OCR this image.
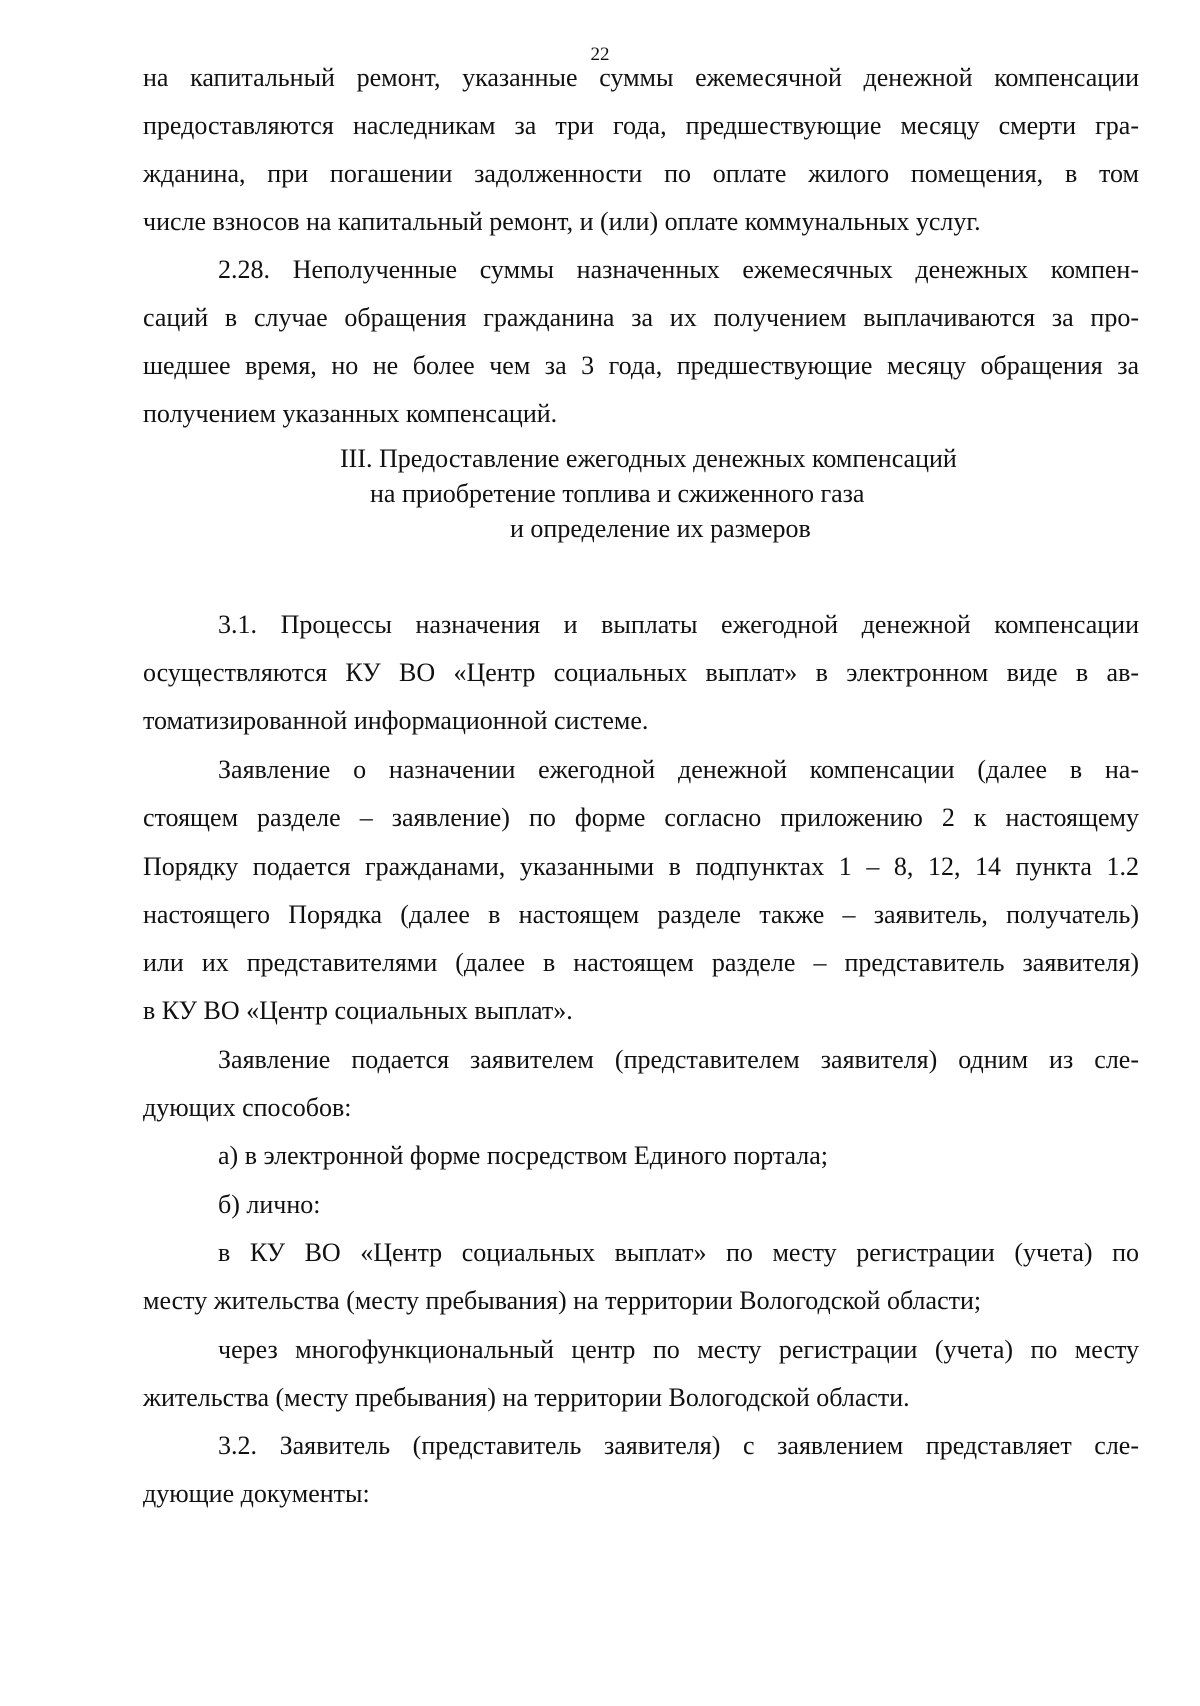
22
на капитальный ремонт, указанные суммы ежемесячной денежной компенсации
предоставляются наследникам за три года, предшествующие месяцу смерти гра-
жданина, при погашении задолженности по оплате жилого помещения, в том
числе взносов на капитальный ремонт, и (или) оплате коммунальных услуг.
2.28. Неполученные суммы назначенных ежемесячных денежных компен-
саций в случае обращения гражданина за их получением выплачиваются за про-
шедшее время, но не более чем за 3 года, предшествующие месяцу обращения за
получением указанных компенсаций.
III. Предоставление ежегодных денежных компенсаций
на приобретение топлива и сжиженного газа
и определение их размеров
3.1. Процессы назначения и выплаты ежегодной денежной компенсации
осуществляются КУ ВО «Центр социальных выплат» в электронном виде в ав-
томатизированной информационной системе.
Заявление о назначении ежегодной денежной компенсации (далее в на-
стоящем разделе – заявление) по форме согласно приложению 2 к настоящему
Порядку подается гражданами, указанными в подпунктах 1 – 8, 12, 14 пункта 1.2
настоящего Порядка (далее в настоящем разделе также – заявитель, получатель)
или их представителями (далее в настоящем разделе – представитель заявителя)
в КУ ВО «Центр социальных выплат».
Заявление подается заявителем (представителем заявителя) одним из сле-
дующих способов:
а) в электронной форме посредством Единого портала;
б) лично:
в КУ ВО «Центр социальных выплат» по месту регистрации (учета) по
месту жительства (месту пребывания) на территории Вологодской области;
через многофункциональный центр по месту регистрации (учета) по месту
жительства (месту пребывания) на территории Вологодской области.
3.2. Заявитель (представитель заявителя) с заявлением представляет сле-
дующие документы:
